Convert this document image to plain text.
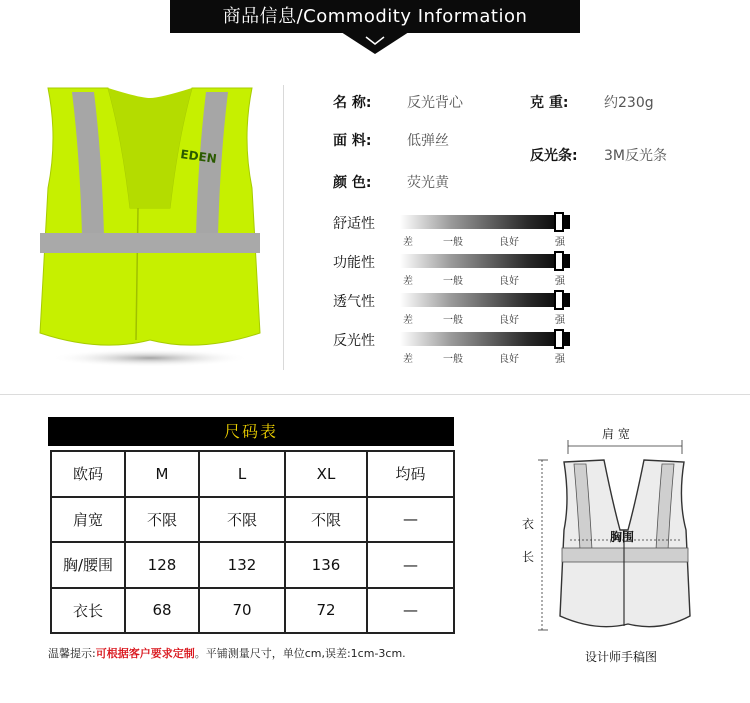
商品信息/Commodity Information
EDEN
名 称:	反光背心
面 料:	低弹丝
颜 色:	荧光黄
克 重:	约230g
反光条: 3M反光条
舒适性
差	一般	良好	强
功能性
差	一般	良好	强
透气性
差	一般	良好	强
反光性
差	一般	良好	强
尺码表
欧码	M	L	XL	均码
肩宽	不限	不限	不限	—
胸/腰围	128	132	136	—
衣长	68	70	72	—
温馨提示:可根据客户要求定制。平铺测量尺寸，单位cm,误差:1cm-3cm.
肩 宽
衣
长
胸围
设计师手稿图
